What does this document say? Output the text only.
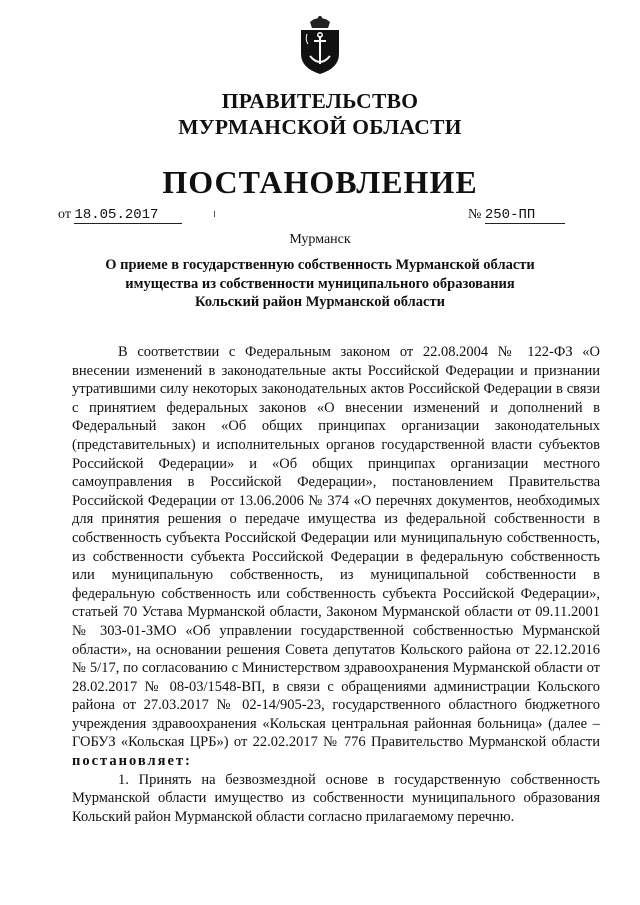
ПРАВИТЕЛЬСТВО
МУРМАНСКОЙ ОБЛАСТИ
ПОСТАНОВЛЕНИЕ
от 18.05.2017	№ 250-ПП
Мурманск
О приеме в государственную собственность Мурманской области
имущества из собственности муниципального образования
Кольский район Мурманской области

В соответствии с Федеральным законом от 22.08.2004 № 122-ФЗ «О внесении изменений в законодательные акты Российской Федерации и признании утратившими силу некоторых законодательных актов Российской Федерации в связи с принятием федеральных законов «О внесении изменений и дополнений в Федеральный закон «Об общих принципах организации законодательных (представительных) и исполнительных органов государственной власти субъектов Российской Федерации» и «Об общих принципах организации местного самоуправления в Российской Федерации», постановлением Правительства Российской Федерации от 13.06.2006 № 374 «О перечнях документов, необходимых для принятия решения о передаче имущества из федеральной собственности в собственность субъекта Российской Федерации или муниципальную собственность, из собственности субъекта Российской Федерации в федеральную собственность или муниципальную собственность, из муниципальной собственности в федеральную собственность или собственность субъекта Российской Федерации», статьей 70 Устава Мурманской области, Законом Мурманской области от 09.11.2001 № 303-01-ЗМО «Об управлении государственной собственностью Мурманской области», на основании решения Совета депутатов Кольского района от 22.12.2016 № 5/17, по согласованию с Министерством здравоохранения Мурманской области от 28.02.2017 № 08-03/1548-ВП, в связи с обращениями администрации Кольского района от 27.03.2017 № 02-14/905-23, государственного областного бюджетного учреждения здравоохранения «Кольская центральная районная больница» (далее – ГОБУЗ «Кольская ЦРБ») от 22.02.2017 № 776 Правительство Мурманской области постановляет:

1. Принять на безвозмездной основе в государственную собственность Мурманской области имущество из собственности муниципального образования Кольский район Мурманской области согласно прилагаемому перечню.
